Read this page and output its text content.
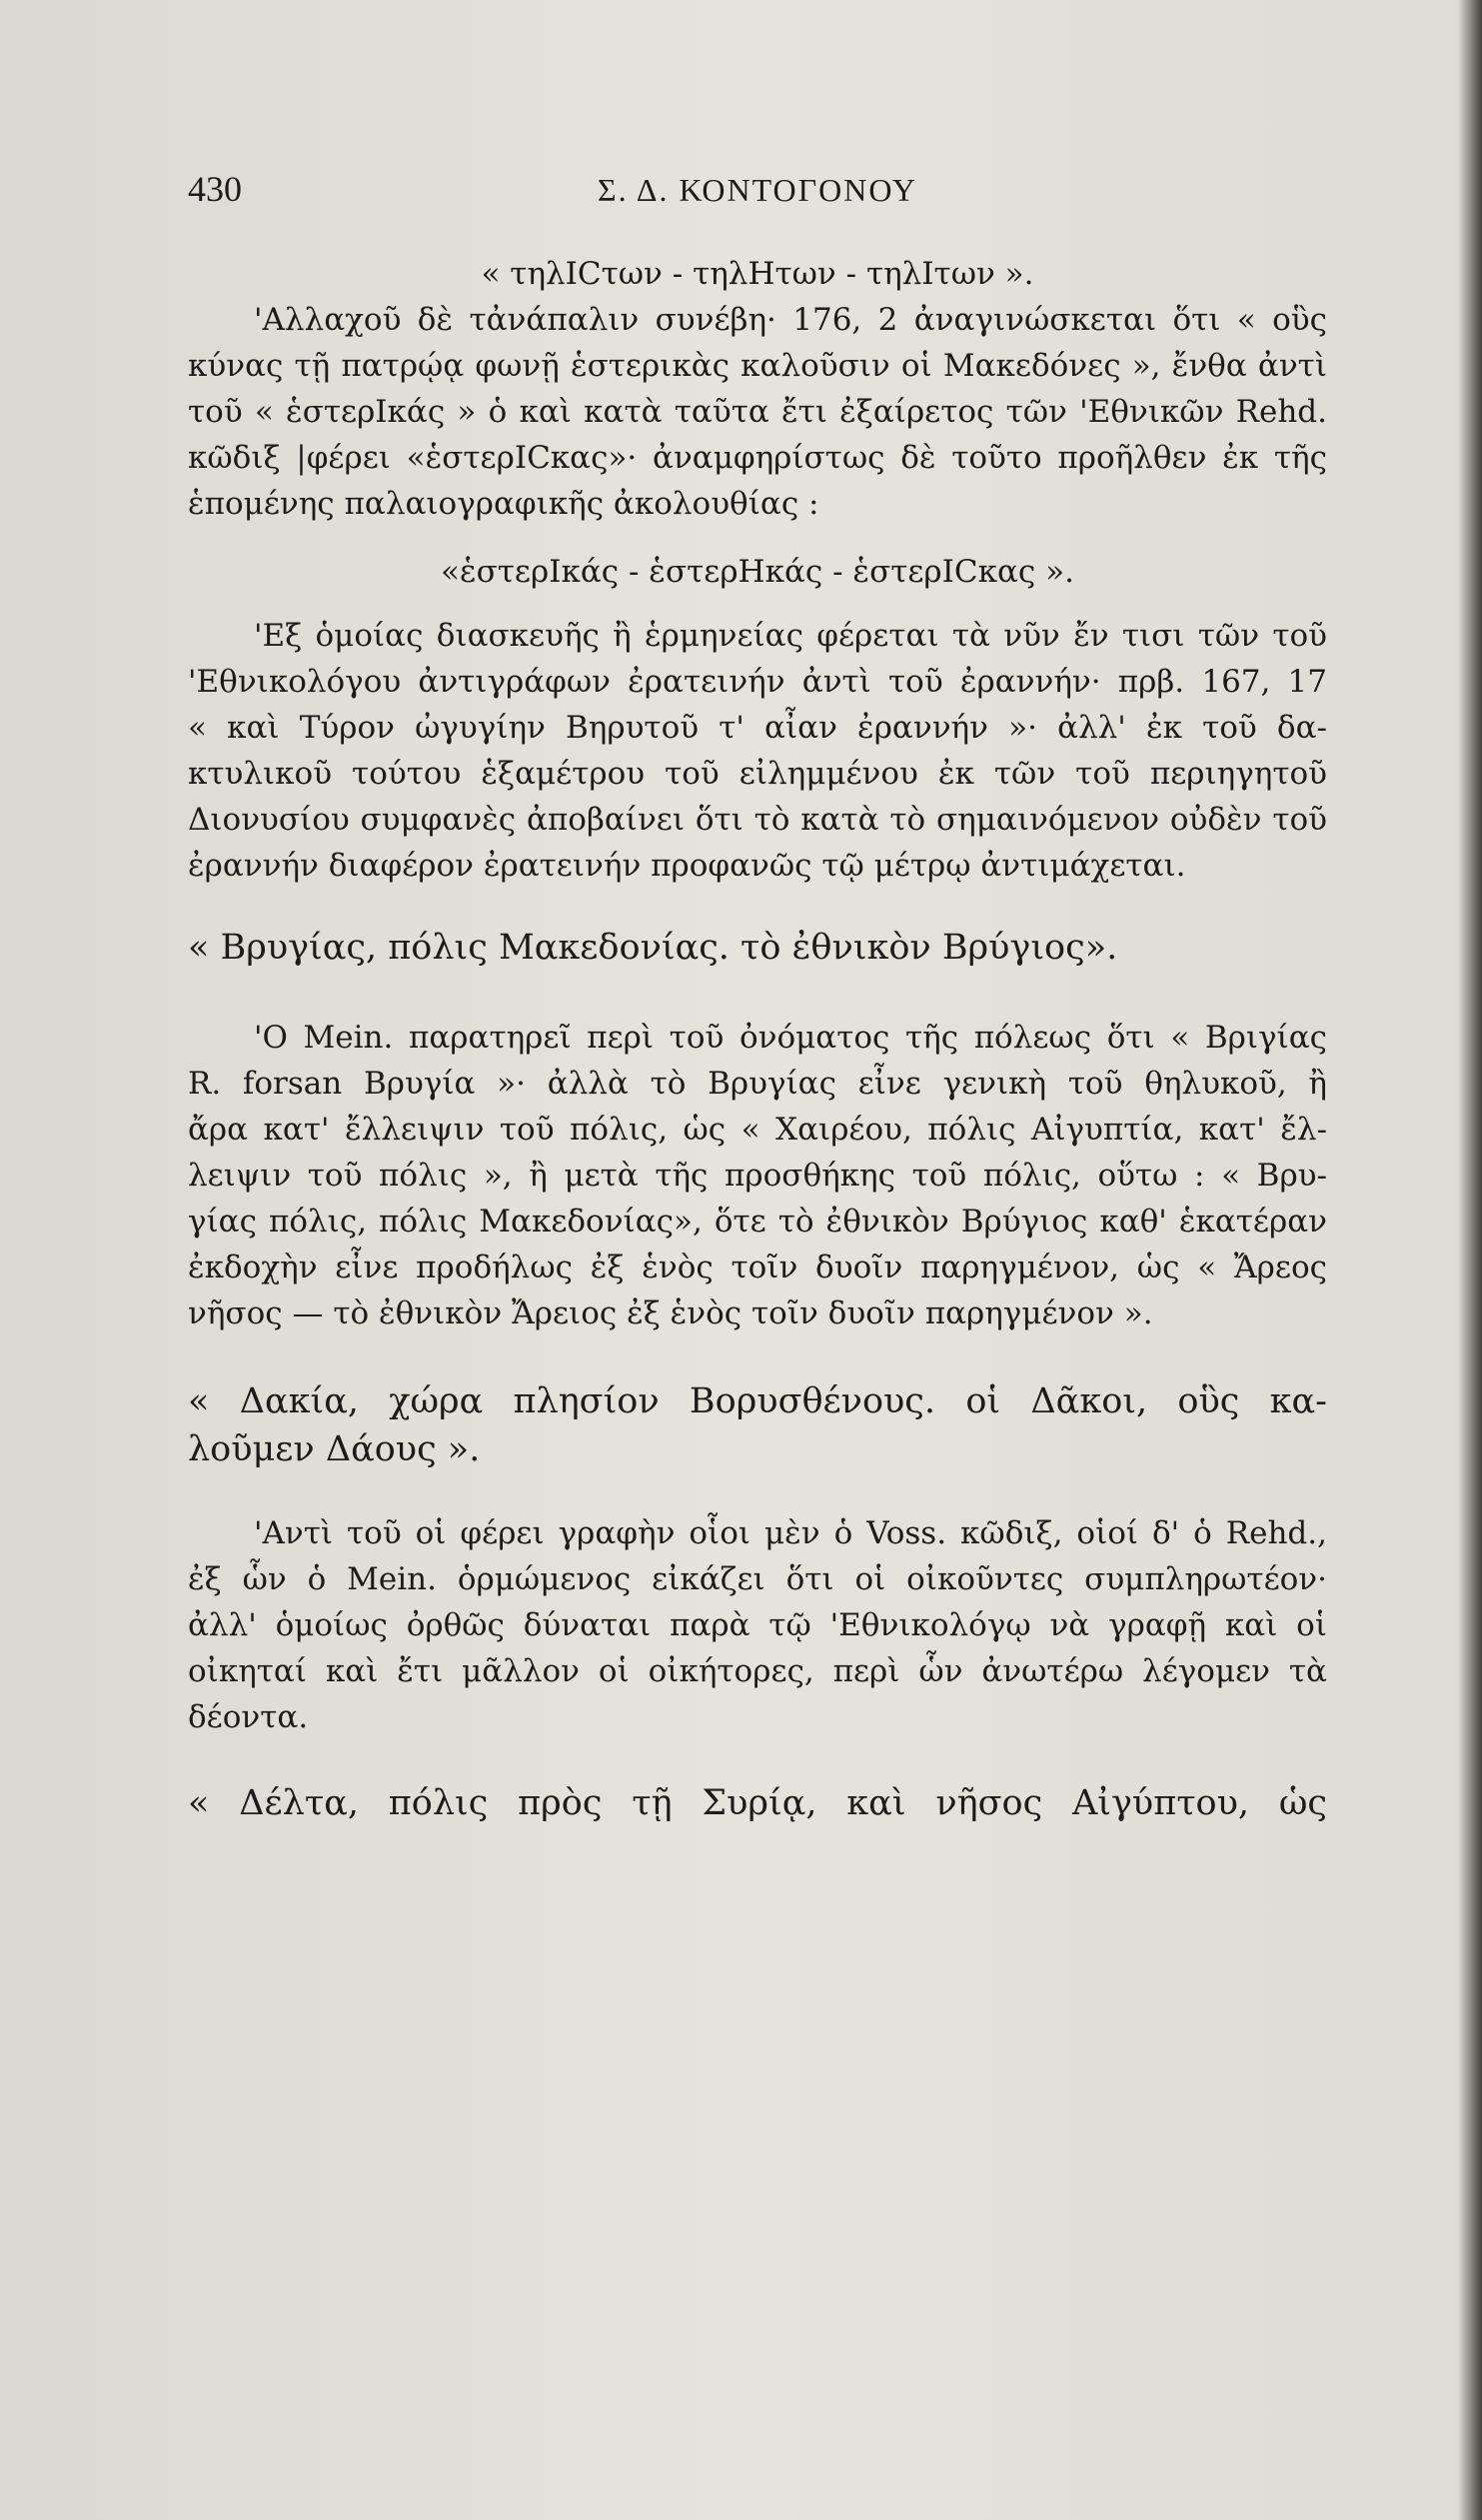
430	Σ. Δ. ΚΟΝΤΟΓΟΝΟΥ
« τηλΙCτων - τηλΗτων - τηλΙτων ».
'Αλλαχοῦ δὲ τἀνάπαλιν συνέβη· 176, 2 ἀναγινώσκεται ὅτι « οὓς
κύνας τῇ πατρῴᾳ φωνῇ ἑστερικὰς καλοῦσιν οἱ Μακεδόνες », ἔνθα ἀντὶ
τοῦ « ἑστερΙκάς » ὁ καὶ κατὰ ταῦτα ἔτι ἐξαίρετος τῶν 'Εθνικῶν Rehd.
κῶδιξ |φέρει «ἑστερΙCκας»· ἀναμφηρίστως δὲ τοῦτο προῆλθεν ἐκ τῆς
ἑπομένης παλαιογραφικῆς ἀκολουθίας :
«ἑστερΙκάς - ἑστερΗκάς - ἑστερΙCκας ».
'Εξ ὁμοίας διασκευῆς ἢ ἑρμηνείας φέρεται τὰ νῦν ἔν τισι τῶν τοῦ
'Εθνικολόγου ἀντιγράφων ἐρατεινήν ἀντὶ τοῦ ἐραννήν· πρβ. 167, 17
« καὶ Τύρον ὠγυγίην Βηρυτοῦ τ' αἶαν ἐραννήν »· ἀλλ' ἐκ τοῦ δα-
κτυλικοῦ τούτου ἑξαμέτρου τοῦ εἰλημμένου ἐκ τῶν τοῦ περιηγητοῦ
Διονυσίου συμφανὲς ἀποβαίνει ὅτι τὸ κατὰ τὸ σημαινόμενον οὐδὲν τοῦ
ἐραννήν διαφέρον ἐρατεινήν προφανῶς τῷ μέτρῳ ἀντιμάχεται.
« Βρυγίας, πόλις Μακεδονίας. τὸ ἐθνικὸν Βρύγιος».
'Ο Mein. παρατηρεῖ περὶ τοῦ ὀνόματος τῆς πόλεως ὅτι « Βριγίας
R. forsan Βρυγία »· ἀλλὰ τὸ Βρυγίας εἶνε γενικὴ τοῦ θηλυκοῦ, ἢ
ἄρα κατ' ἔλλειψιν τοῦ πόλις, ὡς « Χαιρέου, πόλις Αἰγυπτία, κατ' ἔλ-
λειψιν τοῦ πόλις », ἢ μετὰ τῆς προσθήκης τοῦ πόλις, οὕτω : « Βρυ-
γίας πόλις, πόλις Μακεδονίας», ὅτε τὸ ἐθνικὸν Βρύγιος καθ' ἑκατέραν
ἐκδοχὴν εἶνε προδήλως ἐξ ἑνὸς τοῖν δυοῖν παρηγμένον, ὡς « Ἄρεος
νῆσος — τὸ ἐθνικὸν Ἄρειος ἐξ ἑνὸς τοῖν δυοῖν παρηγμένον ».
« Δακία, χώρα πλησίον Βορυσθένους. οἱ Δᾶκοι, οὓς κα-
λοῦμεν Δάους ».
'Αντὶ τοῦ οἱ φέρει γραφὴν οἷοι μὲν ὁ Voss. κῶδιξ, οἱοί δ' ὁ Rehd.,
ἐξ ὧν ὁ Mein. ὁρμώμενος εἰκάζει ὅτι οἱ οἰκοῦντες συμπληρωτέον·
ἀλλ' ὁμοίως ὀρθῶς δύναται παρὰ τῷ 'Εθνικολόγῳ νὰ γραφῇ καὶ οἱ
οἰκηταί καὶ ἔτι μᾶλλον οἱ οἰκήτορες, περὶ ὧν ἀνωτέρω λέγομεν τὰ
δέοντα.
« Δέλτα, πόλις πρὸς τῇ Συρίᾳ, καὶ νῆσος Αἰγύπτου, ὡς
